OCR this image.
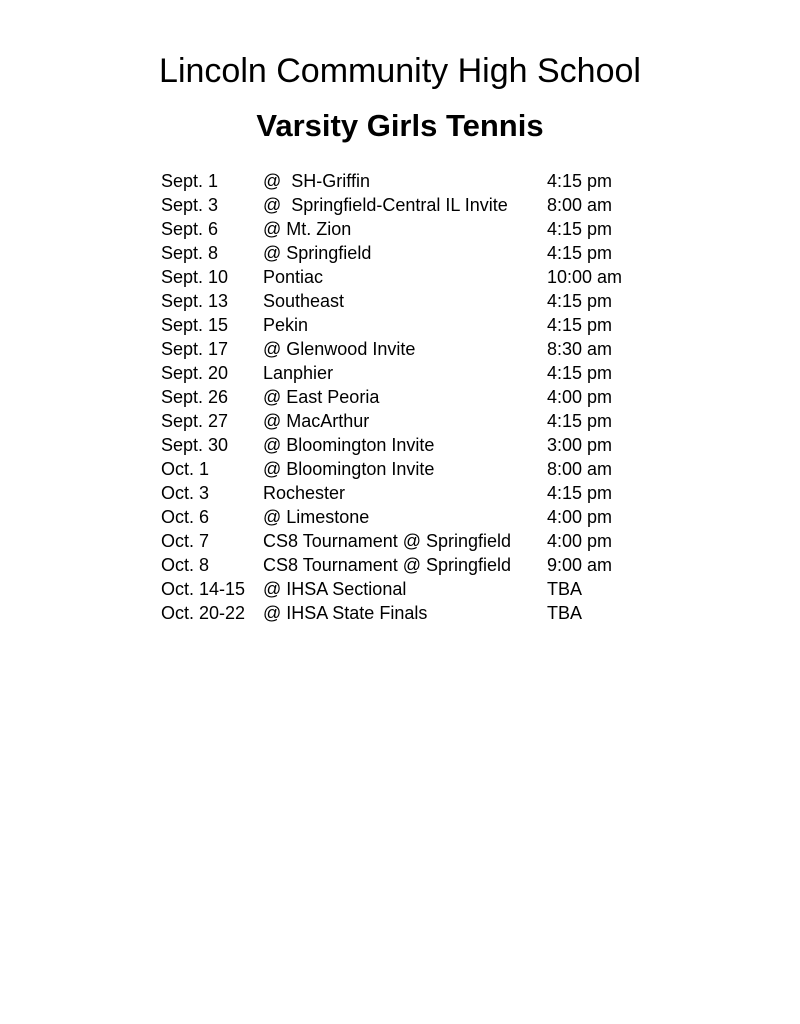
Lincoln Community High School
Varsity Girls Tennis
Sept. 1	@  SH-Griffin	4:15 pm
Sept. 3	@  Springfield-Central IL Invite	8:00 am
Sept. 6	@ Mt. Zion	4:15 pm
Sept. 8	@ Springfield	4:15 pm
Sept. 10	Pontiac	10:00 am
Sept. 13	Southeast	4:15 pm
Sept. 15	Pekin	4:15 pm
Sept. 17	@ Glenwood Invite	8:30 am
Sept. 20	Lanphier	4:15 pm
Sept. 26	@ East Peoria	4:00 pm
Sept. 27	@ MacArthur	4:15 pm
Sept. 30	@ Bloomington Invite	3:00 pm
Oct. 1	@ Bloomington Invite	8:00 am
Oct. 3	Rochester	4:15 pm
Oct. 6	@ Limestone	4:00 pm
Oct. 7	CS8 Tournament @ Springfield	4:00 pm
Oct. 8	CS8 Tournament @ Springfield	9:00 am
Oct. 14-15 @ IHSA Sectional	TBA
Oct. 20-22 @ IHSA State Finals	TBA
